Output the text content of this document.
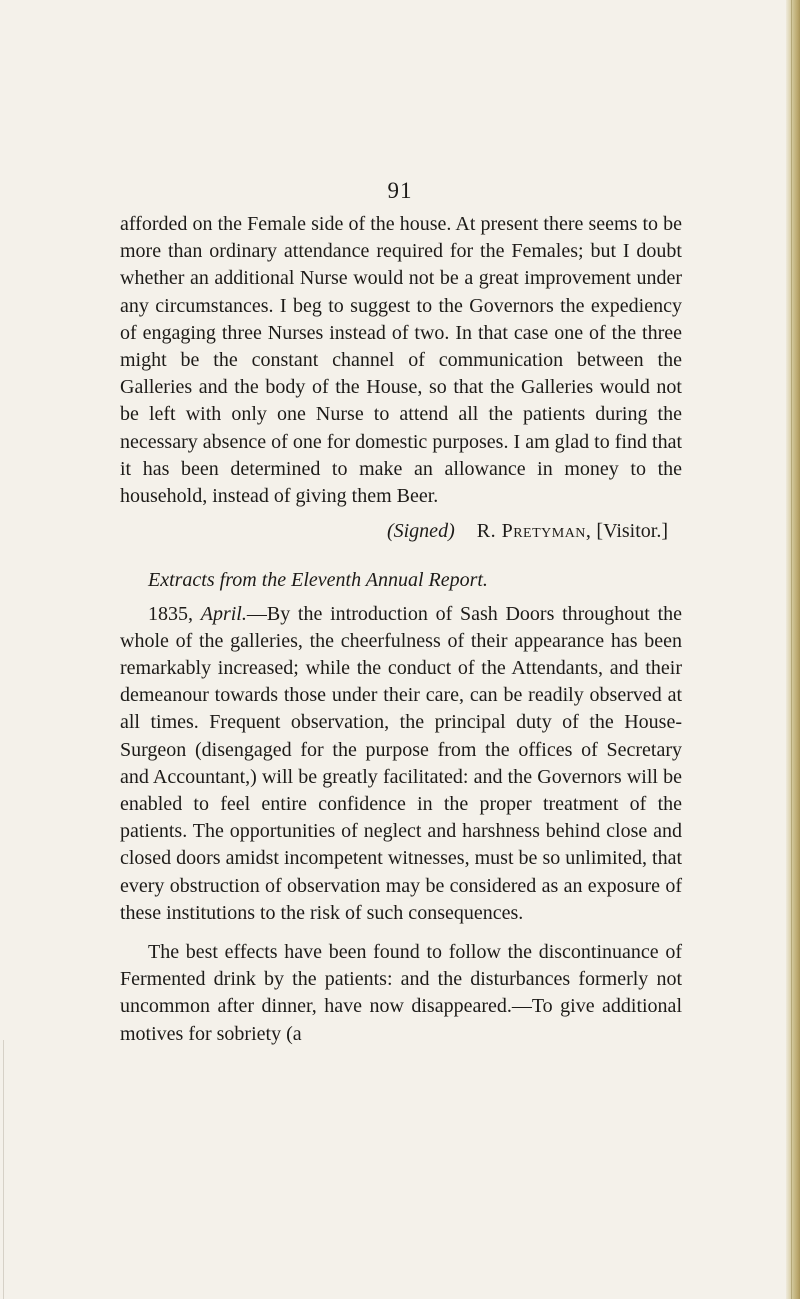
91

afforded on the Female side of the house. At present there seems to be more than ordinary attendance required for the Females; but I doubt whether an additional Nurse would not be a great improvement under any circumstances. I beg to suggest to the Governors the expediency of engaging three Nurses instead of two. In that case one of the three might be the constant channel of communication between the Galleries and the body of the House, so that the Galleries would not be left with only one Nurse to attend all the patients during the necessary absence of one for domestic purposes. I am glad to find that it has been determined to make an allowance in money to the household, instead of giving them Beer.

(Signed) R. Pretyman, [Visitor.]
Extracts from the Eleventh Annual Report.

1835, April.—By the introduction of Sash Doors throughout the whole of the galleries, the cheerfulness of their appearance has been remarkably increased; while the conduct of the Attendants, and their demeanour towards those under their care, can be readily observed at all times. Frequent observation, the principal duty of the House-Surgeon (disengaged for the purpose from the offices of Secretary and Accountant,) will be greatly facilitated: and the Governors will be enabled to feel entire confidence in the proper treatment of the patients. The opportunities of neglect and harshness behind close and closed doors amidst incompetent witnesses, must be so unlimited, that every obstruction of observation may be considered as an exposure of these institutions to the risk of such consequences.

The best effects have been found to follow the discontinuance of Fermented drink by the patients: and the disturbances formerly not uncommon after dinner, have now disappeared.—To give additional motives for sobriety (a
